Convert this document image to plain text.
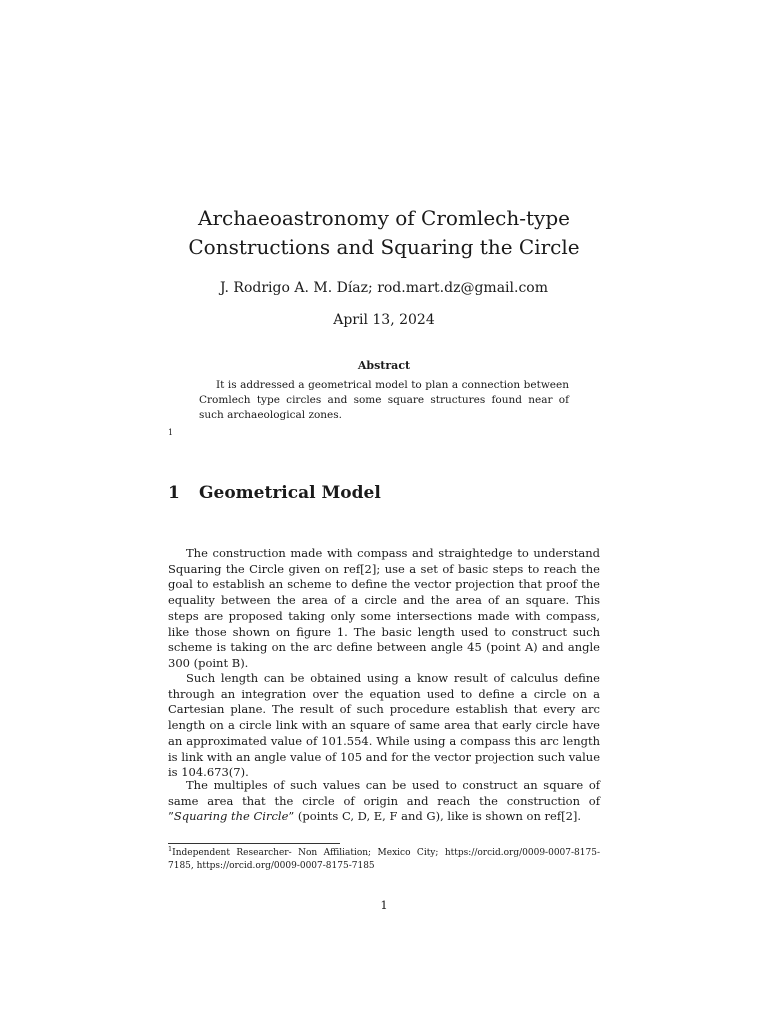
Archaeoastronomy of Cromlech-type
Constructions and Squaring the Circle
J. Rodrigo A. M. Díaz; rod.mart.dz@gmail.com
April 13, 2024
Abstract
It is addressed a geometrical model to plan a connection between Cromlech type circles and some square structures found near of such archaeological zones.
1
1 Geometrical Model
The construction made with compass and straightedge to understand Squaring the Circle given on ref[2]; use a set of basic steps to reach the goal to establish an scheme to define the vector projection that proof the equality between the area of a circle and the area of an square. This steps are proposed taking only some intersections made with compass, like those shown on figure 1. The basic length used to construct such scheme is taking on the arc define between angle 45 (point A) and angle 300 (point B).
Such length can be obtained using a know result of calculus define through an integration over the equation used to define a circle on a Cartesian plane. The result of such procedure establish that every arc length on a circle link with an square of same area that early circle have an approximated value of 101.554. While using a compass this arc length is link with an angle value of 105 and for the vector projection such value is 104.673(7).
The multiples of such values can be used to construct an square of same area that the circle of origin and reach the construction of ”Squaring the Circle” (points C, D, E, F and G), like is shown on ref[2].
$^1$Independent Researcher- Non Affiliation; Mexico City; https://orcid.org/0009-0007-8175-7185, https://orcid.org/0009-0007-8175-7185
1
